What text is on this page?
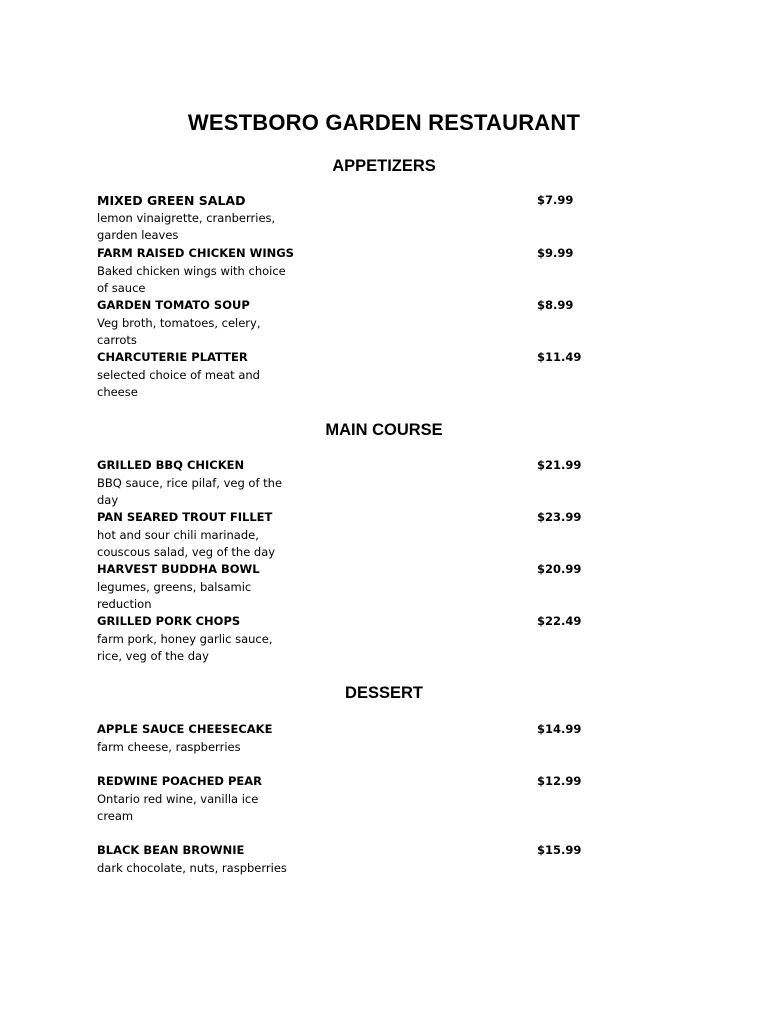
WESTBORO GARDEN RESTAURANT
APPETIZERS
MIXED GREEN SALAD
lemon vinaigrette, cranberries, garden leaves
$7.99
FARM RAISED CHICKEN WINGS
Baked chicken wings with choice of sauce
$9.99
GARDEN TOMATO SOUP
Veg broth, tomatoes, celery, carrots
$8.99
CHARCUTERIE PLATTER
selected choice of meat and cheese
$11.49
MAIN COURSE
GRILLED BBQ CHICKEN
BBQ sauce, rice pilaf, veg of the day
$21.99
PAN SEARED TROUT FILLET
hot and sour chili marinade, couscous salad, veg of the day
$23.99
HARVEST BUDDHA BOWL
legumes, greens, balsamic reduction
$20.99
GRILLED PORK CHOPS
farm pork, honey garlic sauce, rice, veg of the day
$22.49
DESSERT
APPLE SAUCE CHEESECAKE
farm cheese, raspberries
$14.99
REDWINE POACHED PEAR
Ontario red wine, vanilla ice cream
$12.99
BLACK BEAN BROWNIE
dark chocolate, nuts, raspberries
$15.99
